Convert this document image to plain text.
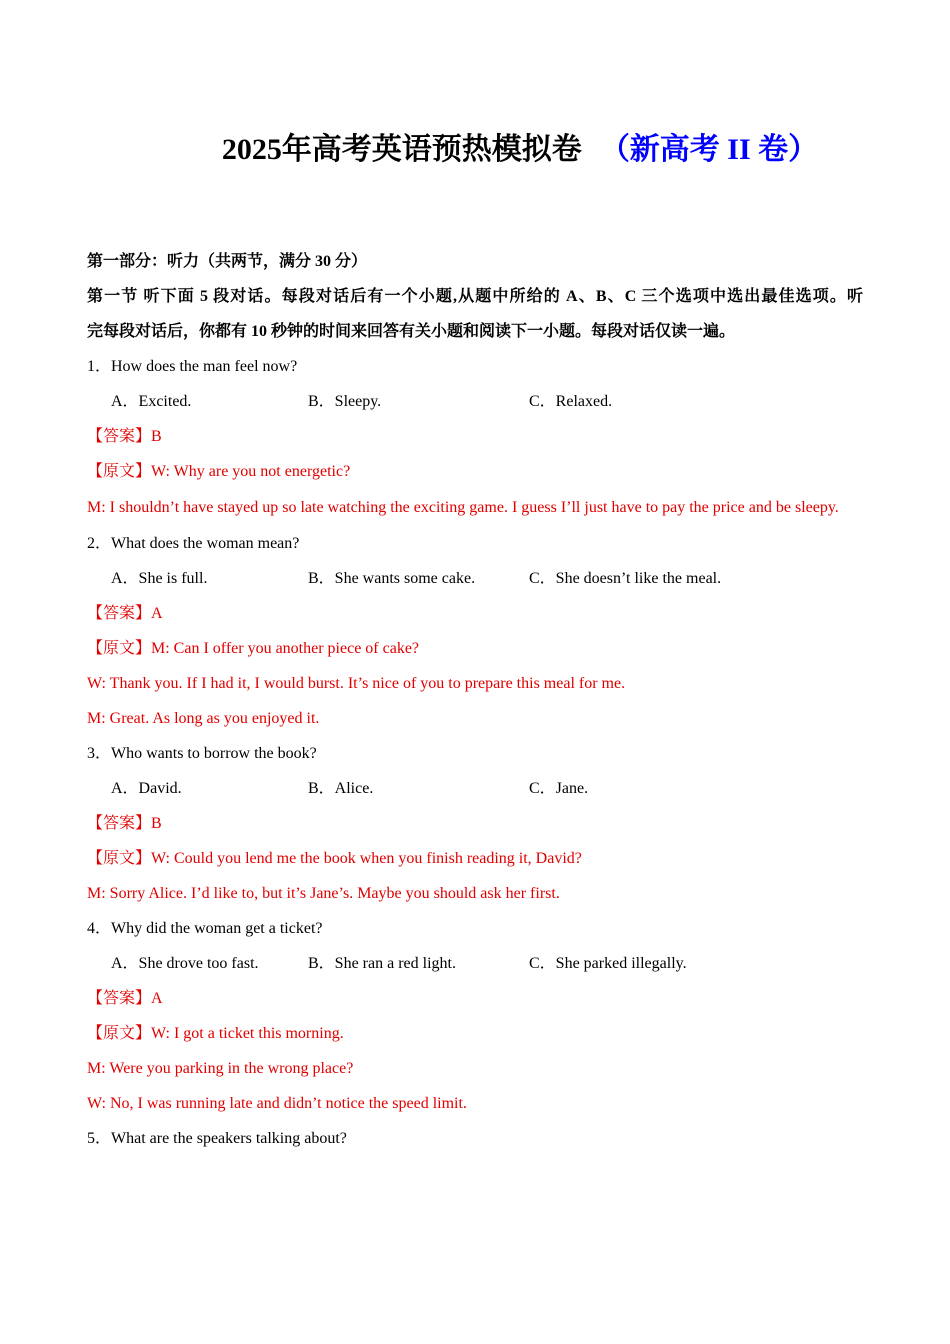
2025年高考英语预热模拟卷 （新高考 II 卷）
第一部分：听力（共两节，满分 30 分）
第一节 听下面 5 段对话。每段对话后有一个小题,从题中所给的 A、B、C 三个选项中选出最佳选项。听
完每段对话后，你都有 10 秒钟的时间来回答有关小题和阅读下一小题。每段对话仅读一遍。
1．How does the man feel now?
A．Excited.	B．Sleepy.	C．Relaxed.
【答案】B
【原文】W: Why are you not energetic?
M: I shouldn’t have stayed up so late watching the exciting game. I guess I’ll just have to pay the price and be sleepy.
2．What does the woman mean?
A．She is full.	B．She wants some cake.	C．She doesn’t like the meal.
【答案】A
【原文】M: Can I offer you another piece of cake?
W: Thank you. If I had it, I would burst. It’s nice of you to prepare this meal for me.
M: Great. As long as you enjoyed it.
3．Who wants to borrow the book?
A．David.	B．Alice.	C．Jane.
【答案】B
【原文】W: Could you lend me the book when you finish reading it, David?
M: Sorry Alice. I’d like to, but it’s Jane’s. Maybe you should ask her first.
4．Why did the woman get a ticket?
A．She drove too fast.	B．She ran a red light.	C．She parked illegally.
【答案】A
【原文】W: I got a ticket this morning.
M: Were you parking in the wrong place?
W: No, I was running late and didn’t notice the speed limit.
5．What are the speakers talking about?
